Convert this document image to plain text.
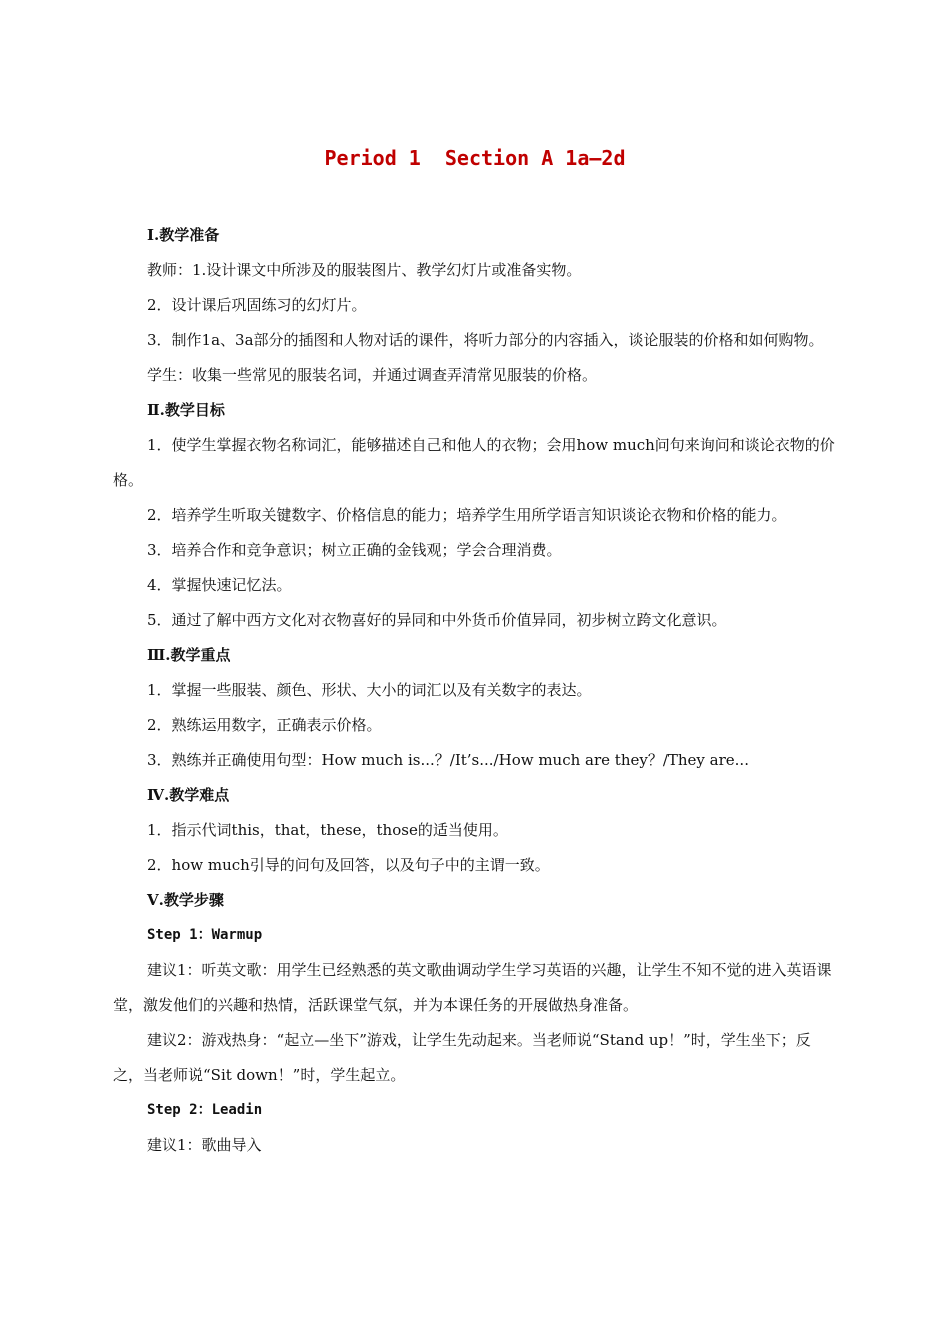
Period 1  Section A 1a—2d

Ⅰ.教学准备

教师：1.设计课文中所涉及的服装图片、教学幻灯片或准备实物。

2．设计课后巩固练习的幻灯片。

3．制作1a、3a部分的插图和人物对话的课件，将听力部分的内容插入，谈论服装的价格和如何购物。

学生：收集一些常见的服装名词，并通过调查弄清常见服装的价格。

Ⅱ.教学目标

1．使学生掌握衣物名称词汇，能够描述自己和他人的衣物；会用how much问句来询问和谈论衣物的价格。

2．培养学生听取关键数字、价格信息的能力；培养学生用所学语言知识谈论衣物和价格的能力。

3．培养合作和竞争意识；树立正确的金钱观；学会合理消费。

4．掌握快速记忆法。

5．通过了解中西方文化对衣物喜好的异同和中外货币价值异同，初步树立跨文化意识。

Ⅲ.教学重点

1．掌握一些服装、颜色、形状、大小的词汇以及有关数字的表达。

2．熟练运用数字，正确表示价格。

3．熟练并正确使用句型：How much is...？/It’s.../How much are they？/They are...

Ⅳ.教学难点

1．指示代词this，that，these，those的适当使用。

2．how much引导的问句及回答，以及句子中的主谓一致。

Ⅴ.教学步骤

Step 1：Warmup

建议1：听英文歌：用学生已经熟悉的英文歌曲调动学生学习英语的兴趣，让学生不知不觉的进入英语课堂，激发他们的兴趣和热情，活跃课堂气氛，并为本课任务的开展做热身准备。

建议2：游戏热身：“起立—坐下”游戏，让学生先动起来。当老师说“Stand up！”时，学生坐下；反之，当老师说“Sit down！”时，学生起立。

Step 2：Leadin

建议1：歌曲导入
